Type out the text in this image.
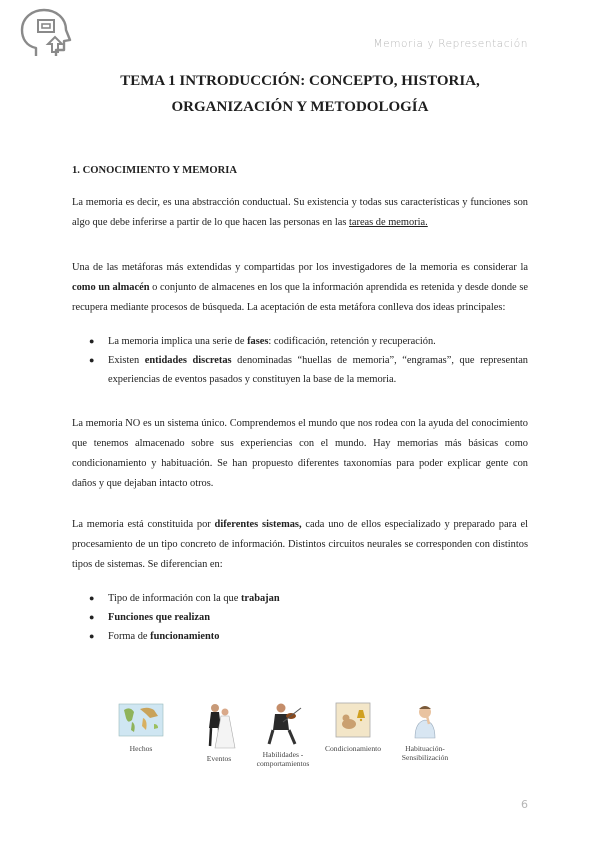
Memoria y Representación
TEMA 1 INTRODUCCIÓN: CONCEPTO, HISTORIA,
ORGANIZACIÓN Y METODOLOGÍA
1. CONOCIMIENTO Y MEMORIA

La memoria es decir, es una abstracción conductual. Su existencia y todas sus características y funciones son algo que debe inferirse a partir de lo que hacen las personas en las tareas de memoria.

Una de las metáforas más extendidas y compartidas por los investigadores de la memoria es considerar la como un almacén o conjunto de almacenes en los que la información aprendida es retenida y desde donde se recupera mediante procesos de búsqueda. La aceptación de esta metáfora conlleva dos ideas principales:

● La memoria implica una serie de fases: codificación, retención y recuperación.
● Existen entidades discretas denominadas “huellas de memoria”, “engramas”, que representan experiencias de eventos pasados y constituyen la base de la memoria.

La memoria NO es un sistema único. Comprendemos el mundo que nos rodea con la ayuda del conocimiento que tenemos almacenado sobre sus experiencias con el mundo. Hay memorias más básicas como condicionamiento y habituación. Se han propuesto diferentes taxonomías para poder explicar gente con daños y que dejaban intacto otros.

La memoria está constituida por diferentes sistemas, cada uno de ellos especializado y preparado para el procesamiento de un tipo concreto de información. Distintos circuitos neurales se corresponden con distintos tipos de sistemas. Se diferencian en:

● Tipo de información con la que trabajan
● Funciones que realizan
● Forma de funcionamiento
Hechos
Eventos	Habilidades - comportamientos
Condicionamiento	Habituación-Sensibilización
6
